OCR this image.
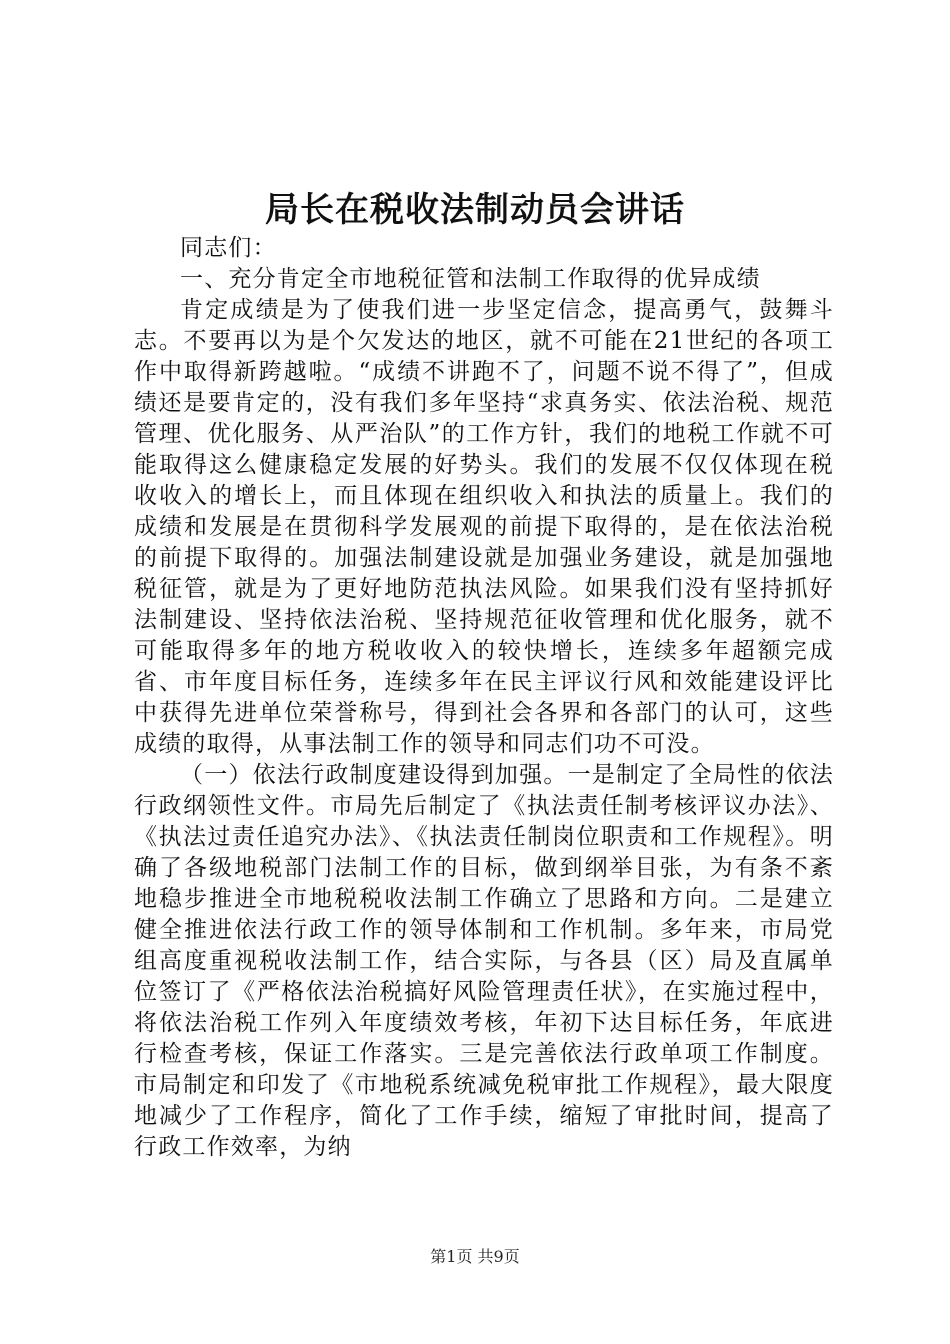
局长在税收法制动员会讲话

同志们：

一、充分肯定全市地税征管和法制工作取得的优异成绩

肯定成绩是为了使我们进一步坚定信念，提高勇气，鼓舞斗志。不要再以为是个欠发达的地区，就不可能在21世纪的各项工作中取得新跨越啦。“成绩不讲跑不了，问题不说不得了”，但成绩还是要肯定的，没有我们多年坚持“求真务实、依法治税、规范管理、优化服务、从严治队”的工作方针，我们的地税工作就不可能取得这么健康稳定发展的好势头。我们的发展不仅仅体现在税收收入的增长上，而且体现在组织收入和执法的质量上。我们的成绩和发展是在贯彻科学发展观的前提下取得的，是在依法治税的前提下取得的。加强法制建设就是加强业务建设，就是加强地税征管，就是为了更好地防范执法风险。如果我们没有坚持抓好法制建设、坚持依法治税、坚持规范征收管理和优化服务，就不可能取得多年的地方税收收入的较快增长，连续多年超额完成省、市年度目标任务，连续多年在民主评议行风和效能建设评比中获得先进单位荣誉称号，得到社会各界和各部门的认可，这些成绩的取得，从事法制工作的领导和同志们功不可没。

（一）依法行政制度建设得到加强。一是制定了全局性的依法行政纲领性文件。市局先后制定了《执法责任制考核评议办法》、《执法过责任追究办法》、《执法责任制岗位职责和工作规程》。明确了各级地税部门法制工作的目标，做到纲举目张，为有条不紊地稳步推进全市地税税收法制工作确立了思路和方向。二是建立健全推进依法行政工作的领导体制和工作机制。多年来，市局党组高度重视税收法制工作，结合实际，与各县（区）局及直属单位签订了《严格依法治税搞好风险管理责任状》，在实施过程中，将依法治税工作列入年度绩效考核，年初下达目标任务，年底进行检查考核，保证工作落实。三是完善依法行政单项工作制度。市局制定和印发了《市地税系统减免税审批工作规程》，最大限度地减少了工作程序，简化了工作手续，缩短了审批时间，提高了行政工作效率，为纳

第1页 共9页
